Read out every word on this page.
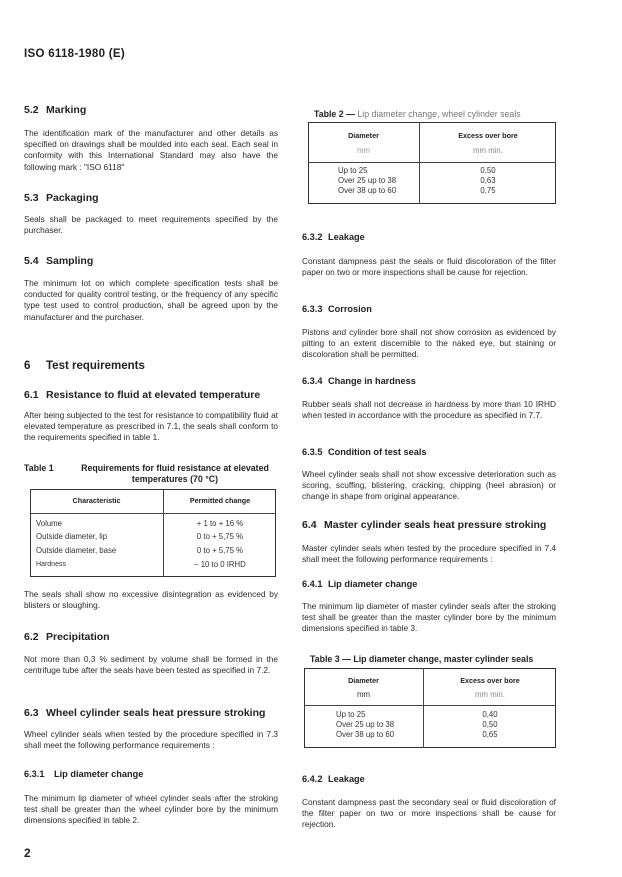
ISO 6118-1980 (E)
5.2 Marking
The identification mark of the manufacturer and other details as specified on drawings shall be moulded into each seal. Each seal in conformity with this International Standard may also have the following mark : "ISO 6118"
5.3 Packaging
Seals shall be packaged to meet requirements specified by the purchaser.
5.4 Sampling
The minimum lot on which complete specification tests shall be conducted for quality control testing, or the frequency of any specific type test used to control production, shall be agreed upon by the manufacturer and the purchaser.
6 Test requirements
6.1 Resistance to fluid at elevated temperature
After being subjected to the test for resistance to compatibility fluid at elevated temperature as prescribed in 7.1, the seals shall conform to the requirements specified in table 1.
Table 1	Requirements for fluid resistance at elevated temperatures (70 °C)
Characteristic	Permitted change
Volume	+ 1 to + 16 %
Outside diameter, lip	0 to + 5,75 %
Outside diameter, base	0 to + 5,75 %
Hardness	– 10 to 0 IRHD
The seals shall show no excessive disintegration as evidenced by blisters or sloughing.
6.2 Precipitation
Not more than 0,3 % sediment by volume shall be formed in the centrifuge tube after the seals have been tested as specified in 7.2.
6.3 Wheel cylinder seals heat pressure stroking
Wheel cylinder seals when tested by the procedure specified in 7.3 shall meet the following performance requirements :
6.3.1 Lip diameter change
The minimum lip diameter of wheel cylinder seals after the stroking test shall be greater than the wheel cylinder bore by the minimum dimensions specified in table 2.
2
Table 2 — Lip diameter change, wheel cylinder seals
Diameter
mm
Excess over bore
mm min.
Up to 25	0,50
Over 25 up to 38	0,63
Over 38 up to 60	0,75
6.3.2 Leakage
Constant dampness past the seals or fluid discoloration of the filter paper on two or more inspections shall be cause for rejection.
6.3.3 Corrosion
Pistons and cylinder bore shall not show corrosion as evidenced by pitting to an extent discernible to the naked eye, but staining or discoloration shall be permitted.
6.3.4 Change in hardness
Rubber seals shall not decrease in hardness by more than 10 IRHD when tested in accordance with the procedure as specified in 7.7.
6.3.5 Condition of test seals
Wheel cylinder seals shall not show excessive deterioration such as scoring, scuffing, blistering, cracking, chipping (heel abrasion) or change in shape from original appearance.
6.4 Master cylinder seals heat pressure stroking
Master cylinder seals when tested by the procedure specified in 7.4 shall meet the following performance requirements :
6.4.1 Lip diameter change
The minimum lip diameter of master cylinder seals after the stroking test shall be greater than the master cylinder bore by the minimum dimensions specified in table 3.
Table 3 — Lip diameter change, master cylinder seals
Diameter
mm
Excess over bore
mm min.
Up to 25	0,40
Over 25 up to 38	0,50
Over 38 up to 60	0,65
6.4.2 Leakage
Constant dampness past the secondary seal or fluid discoloration of the filter paper on two or more inspections shall be cause for rejection.
